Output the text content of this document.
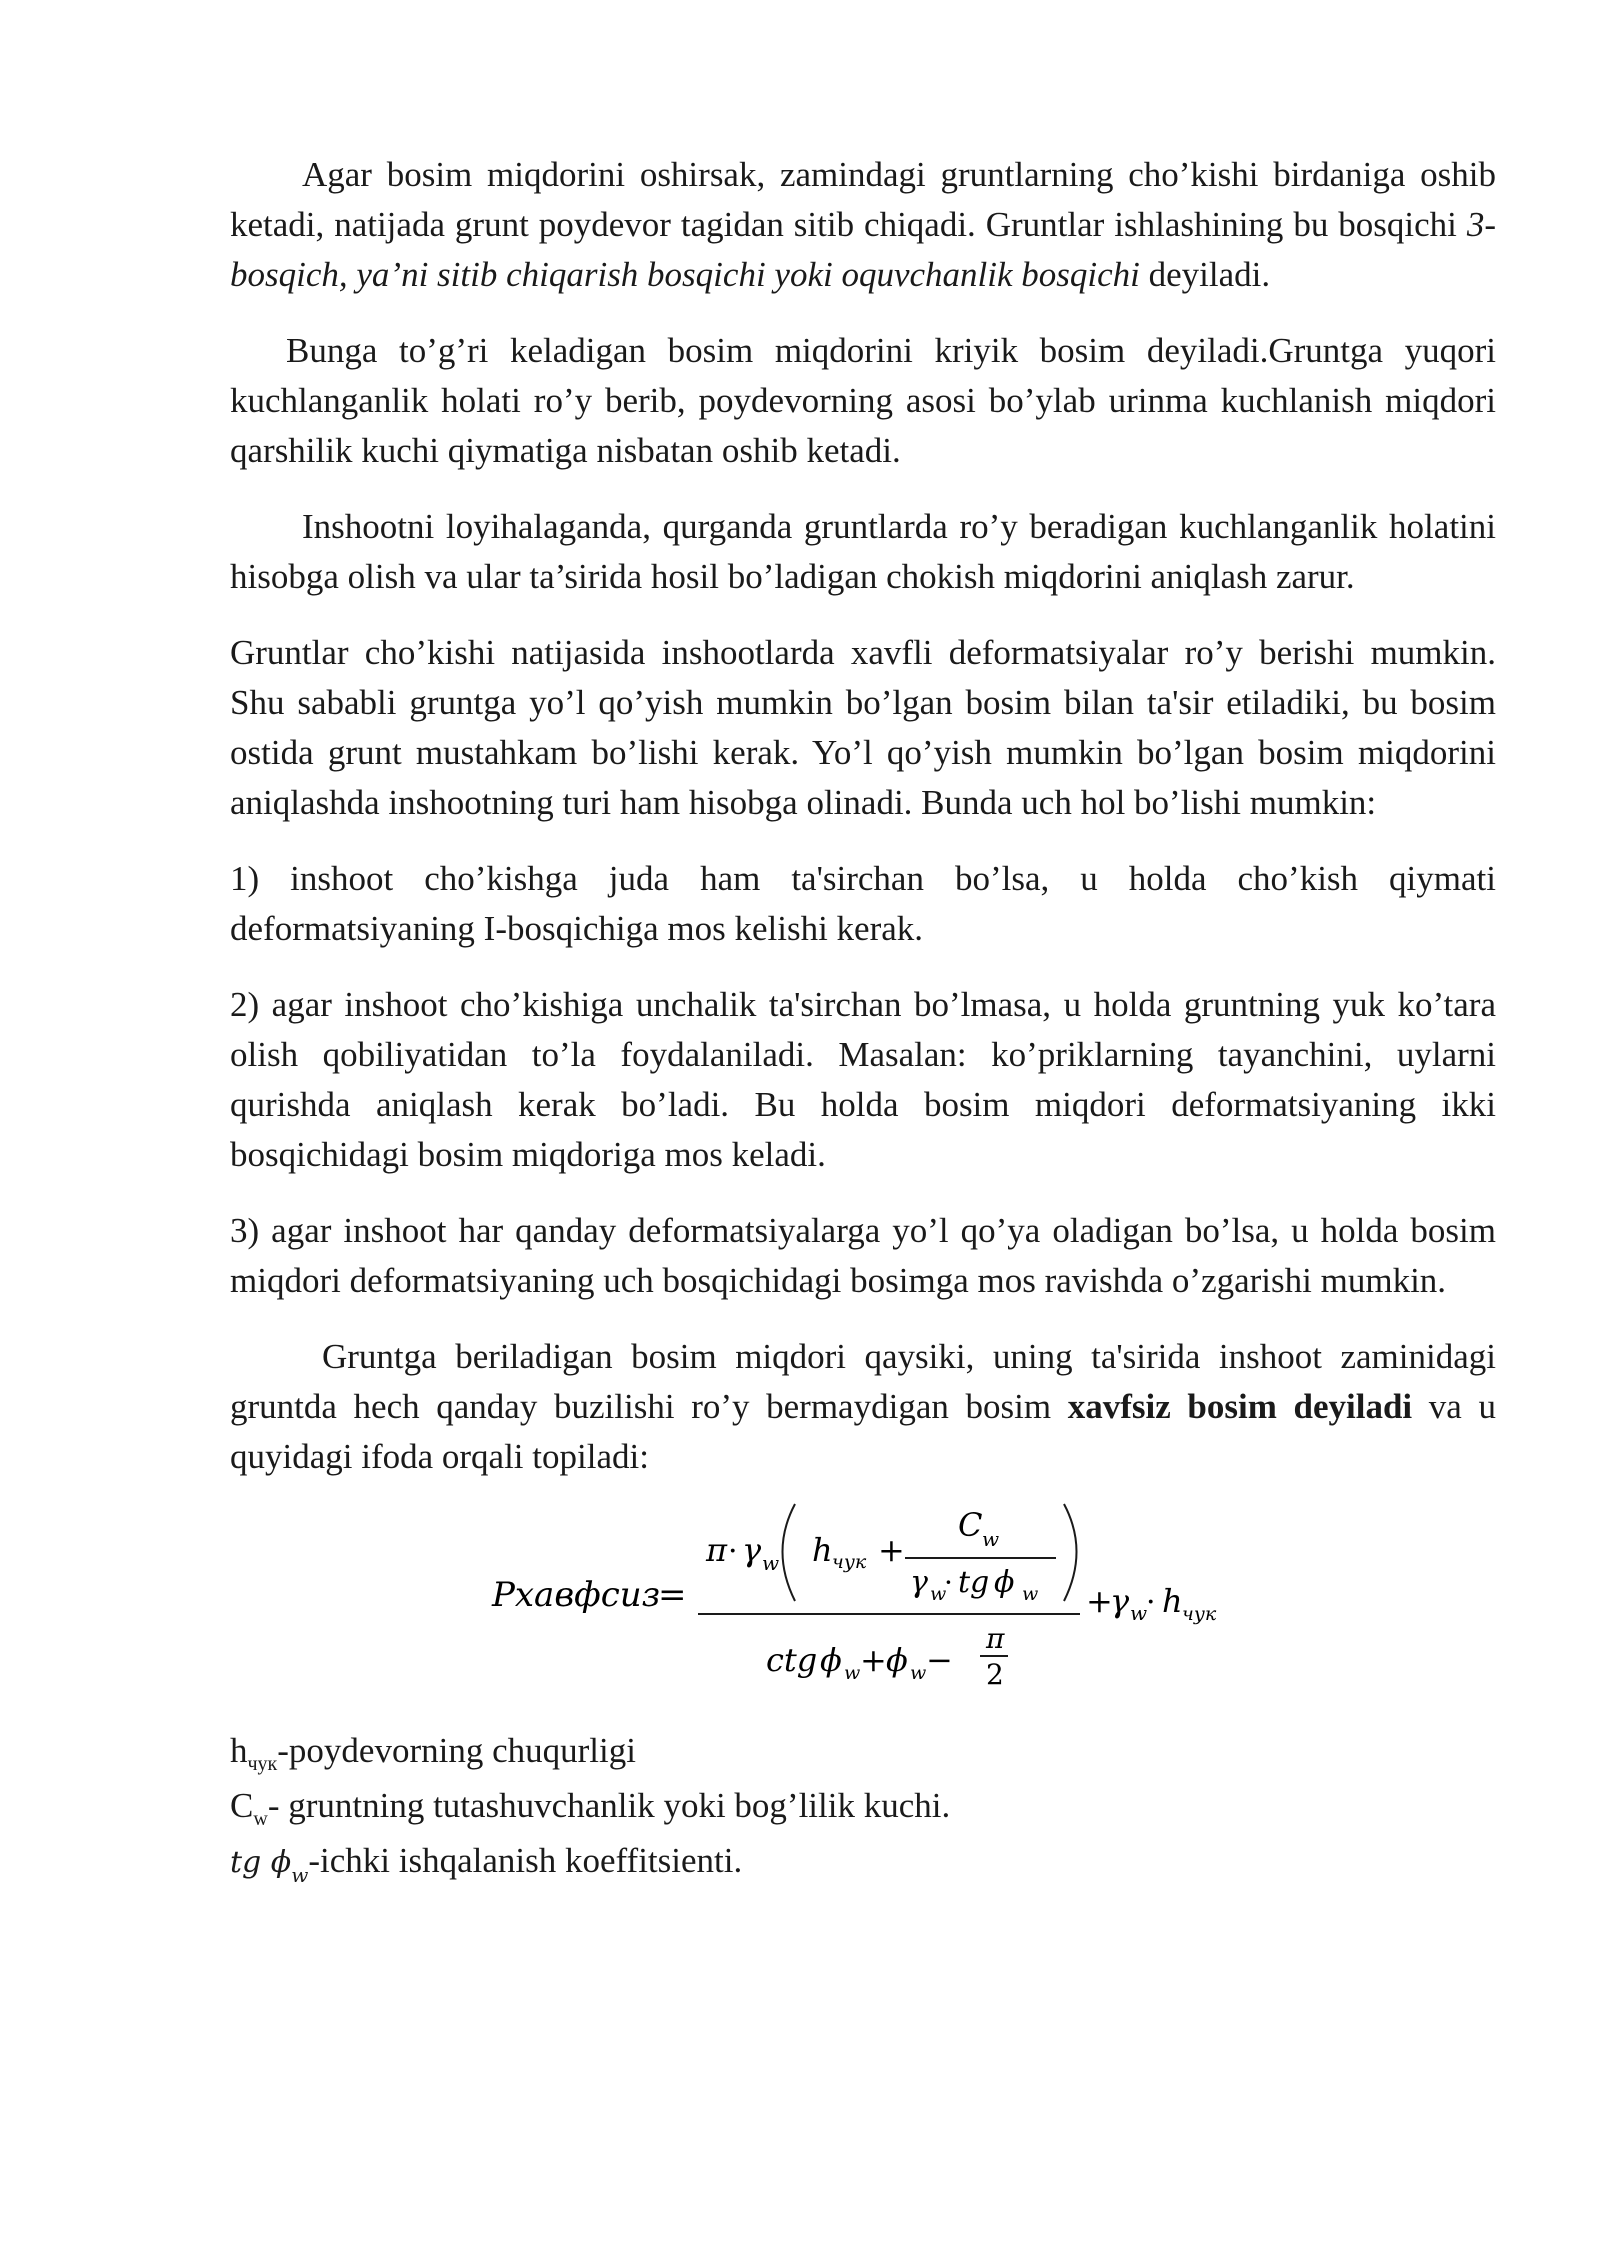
Agar bosim miqdorini oshirsak, zamindagi gruntlarning cho’kishi birdaniga oshib ketadi, natijada grunt poydevor tagidan sitib chiqadi. Gruntlar ishlashining bu bosqichi 3- bosqich, ya’ni sitib chiqarish bosqichi yoki oquvchanlik bosqichi deyiladi.

Bunga to’g’ri keladigan bosim miqdorini kriyik bosim deyiladi.Gruntga yuqori kuchlanganlik holati ro’y berib, poydevorning asosi bo’ylab urinma kuchlanish miqdori qarshilik kuchi qiymatiga nisbatan oshib ketadi.

Inshootni loyihalaganda, qurganda gruntlarda ro’y beradigan kuchlanganlik holatini hisobga olish va ular ta’sirida hosil bo’ladigan chokish miqdorini aniqlash zarur.

Gruntlar cho’kishi natijasida inshootlarda xavfli deformatsiyalar ro’y berishi mumkin. Shu sababli gruntga yo’l qo’yish mumkin bo’lgan bosim bilan ta'sir etiladiki, bu bosim ostida grunt mustahkam bo’lishi kerak. Yo’l qo’yish mumkin bo’lgan bosim miqdorini aniqlashda inshootning turi ham hisobga olinadi. Bunda uch hol bo’lishi mumkin:

1) inshoot cho’kishga juda ham ta'sirchan bo’lsa, u holda cho’kish qiymati deformatsiyaning I-bosqichiga mos kelishi kerak.

2) agar inshoot cho’kishiga unchalik ta'sirchan bo’lmasa, u holda gruntning yuk ko’tara olish qobiliyatidan to’la foydalaniladi. Masalan: ko’priklarning tayanchini, uylarni qurishda aniqlash kerak bo’ladi. Bu holda bosim miqdori deformatsiyaning ikki bosqichidagi bosim miqdoriga mos keladi.

3) agar inshoot har qanday deformatsiyalarga yo’l qo’ya oladigan bo’lsa, u holda bosim miqdori deformatsiyaning uch bosqichidagi bosimga mos ravishda o’zgarishi mumkin.

Gruntga beriladigan bosim miqdori qaysiki, uning ta'sirida inshoot zaminidagi gruntda hech qanday buzilishi ro’y bermaydigan bosim xavfsiz bosim deyiladi va u quyidagi ifoda orqali topiladi:

Рхавфсиз
=
π · γ w h чук +
C w
γ w
· tg ϕ w
ctg ϕ w + ϕ w −
π
2
+
γ w
· h чук

$h_{чук}$-poydevorning chuqurligi

$C_w-$ gruntning tutashuvchanlik yoki bog’lilik kuchi.

tg $\phi_w$-ichki ishqalanish koeffitsienti.
